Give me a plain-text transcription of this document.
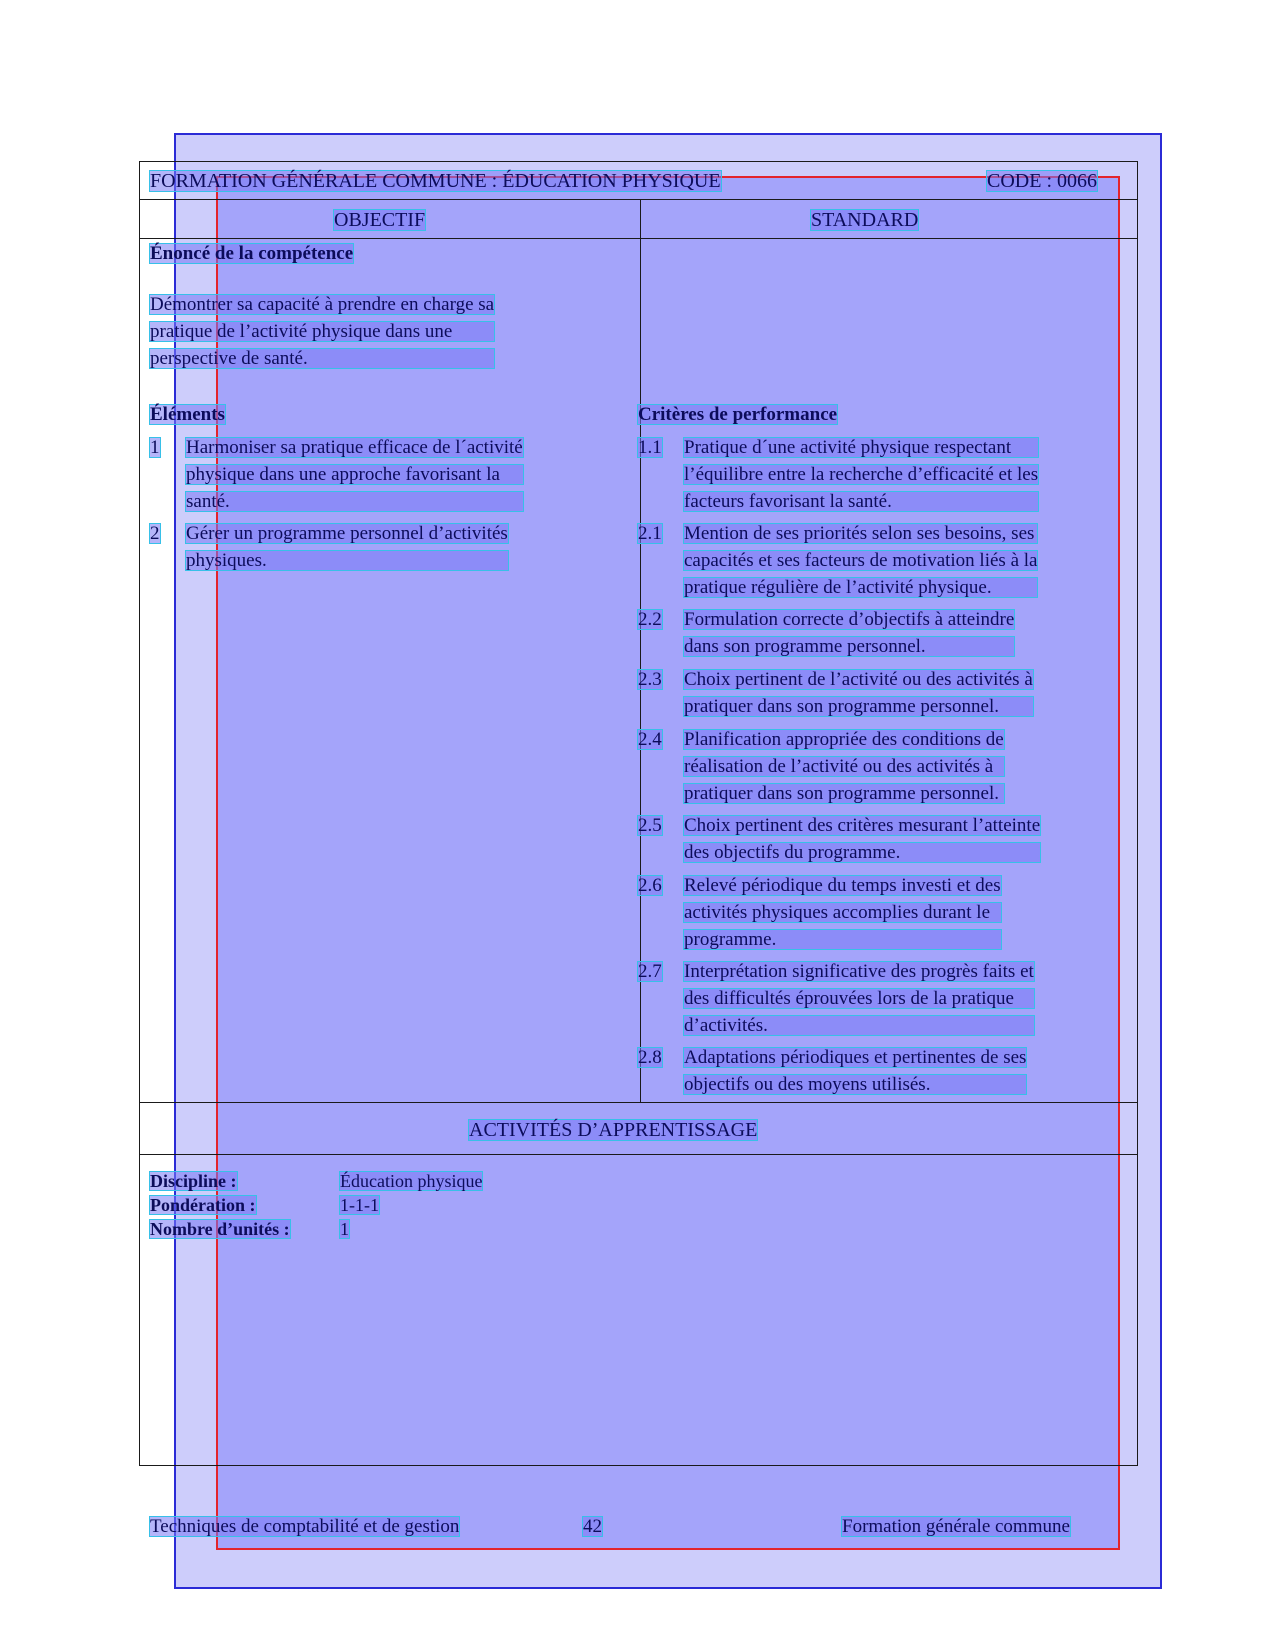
FORMATION GÉNÉRALE COMMUNE : ÉDUCATION PHYSIQUE	CODE : 0066
OBJECTIF	STANDARD
Énoncé de la compétence
Démontrer sa capacité à prendre en charge sa
pratique de l’activité physique dans une
perspective de santé.
Éléments	Critères de performance
1 Harmoniser sa pratique efficace de l´activité
physique dans une approche favorisant la
santé.
2 Gérer un programme personnel d’activités
physiques.
1.1 Pratique d´une activité physique respectant
l’équilibre entre la recherche d’efficacité et les
facteurs favorisant la santé.
2.1 Mention de ses priorités selon ses besoins, ses
capacités et ses facteurs de motivation liés à la
pratique régulière de l’activité physique.
2.2 Formulation correcte d’objectifs à atteindre
dans son programme personnel.
2.3 Choix pertinent de l’activité ou des activités à
pratiquer dans son programme personnel.
2.4 Planification appropriée des conditions de
réalisation de l’activité ou des activités à
pratiquer dans son programme personnel.
2.5 Choix pertinent des critères mesurant l’atteinte
des objectifs du programme.
2.6 Relevé périodique du temps investi et des
activités physiques accomplies durant le
programme.
2.7 Interprétation significative des progrès faits et
des difficultés éprouvées lors de la pratique
d’activités.
2.8 Adaptations périodiques et pertinentes de ses
objectifs ou des moyens utilisés.
ACTIVITÉS D’APPRENTISSAGE
Discipline :	Éducation physique
Pondération :	1-1-1
Nombre d’unités :	1
Techniques de comptabilité et de gestion	42	Formation générale commune
